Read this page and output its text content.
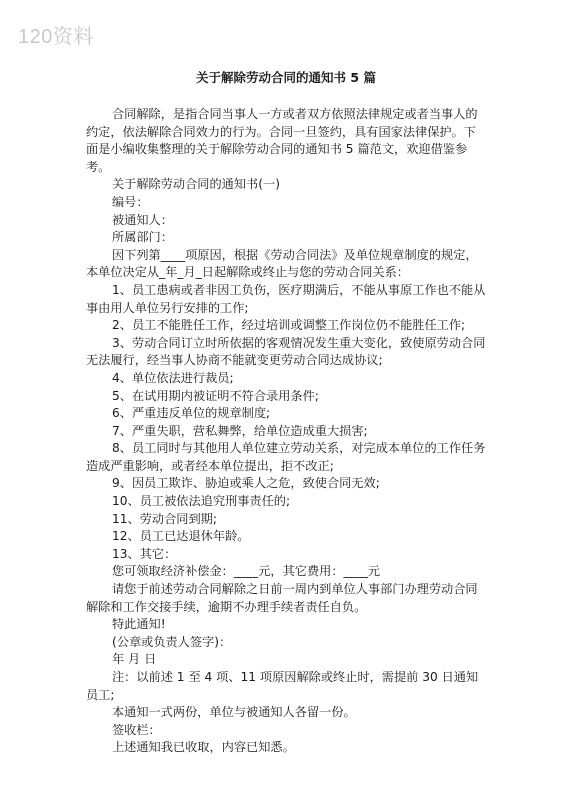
120资料
关于解除劳动合同的通知书 5 篇

合同解除，是指合同当事人一方或者双方依照法律规定或者当事人的约定，依法解除合同效力的行为。合同一旦签约，具有国家法律保护。下面是小编收集整理的关于解除劳动合同的通知书 5 篇范文，欢迎借鉴参考。

关于解除劳动合同的通知书(一)

编号：

被通知人：

所属部门：

因下列第____项原因，根据《劳动合同法》及单位规章制度的规定，本单位决定从_年_月_日起解除或终止与您的劳动合同关系：

1、员工患病或者非因工负伤，医疗期满后，不能从事原工作也不能从事由用人单位另行安排的工作;

2、员工不能胜任工作，经过培训或调整工作岗位仍不能胜任工作;

3、劳动合同订立时所依据的客观情况发生重大变化，致使原劳动合同无法履行，经当事人协商不能就变更劳动合同达成协议;

4、单位依法进行裁员;

5、在试用期内被证明不符合录用条件;

6、严重违反单位的规章制度;

7、严重失职，营私舞弊，给单位造成重大损害;

8、员工同时与其他用人单位建立劳动关系，对完成本单位的工作任务造成严重影响，或者经本单位提出，拒不改正;

9、因员工欺诈、胁迫或乘人之危，致使合同无效;

10、员工被依法追究刑事责任的;

11、劳动合同到期;

12、员工已达退休年龄。

13、其它：

您可领取经济补偿金：____元，其它费用：____元

请您于前述劳动合同解除之日前一周内到单位人事部门办理劳动合同解除和工作交接手续，逾期不办理手续者责任自负。

特此通知!

(公章或负责人签字)：

年 月 日

注：以前述 1 至 4 项、11 项原因解除或终止时，需提前 30 日通知员工;

本通知一式两份，单位与被通知人各留一份。

签收栏：

上述通知我已收取，内容已知悉。
